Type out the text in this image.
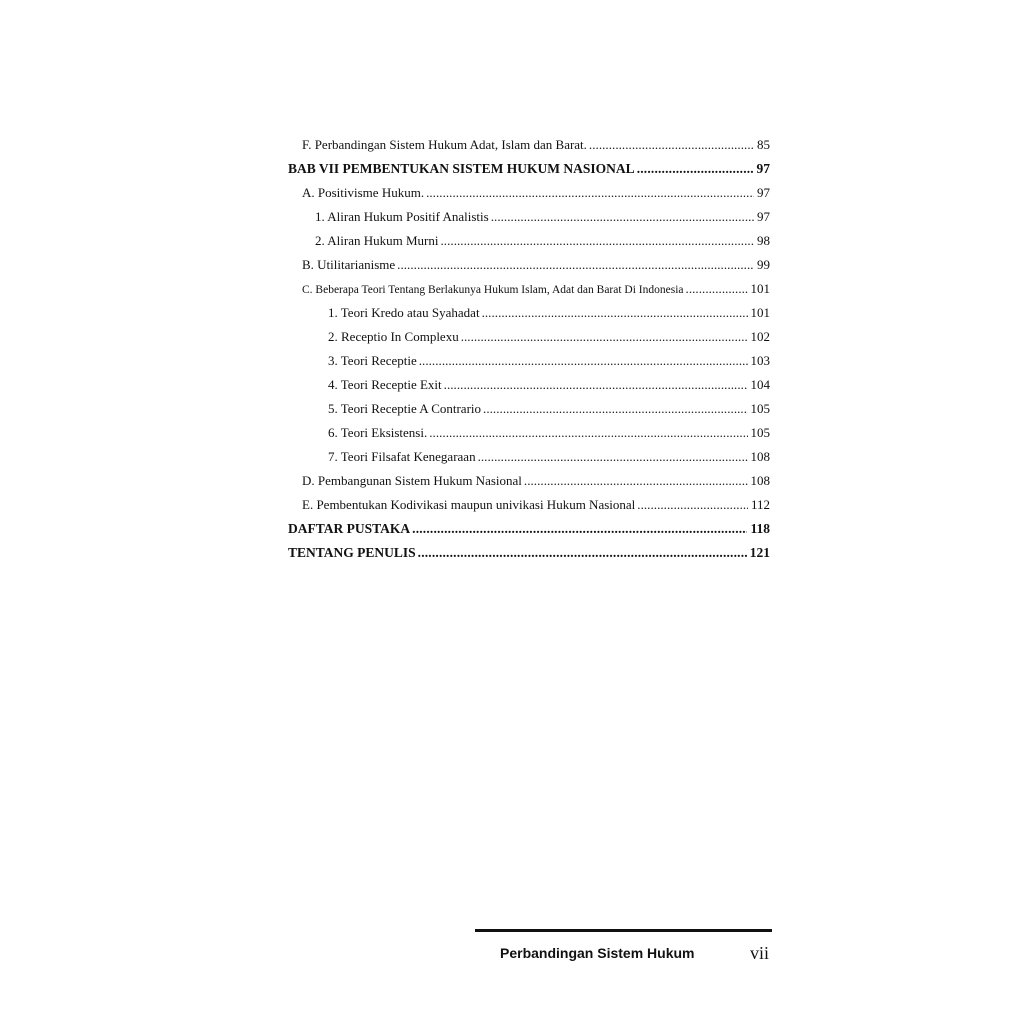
F. Perbandingan Sistem Hukum Adat, Islam dan Barat. . . .	85
BAB VII PEMBENTUKAN SISTEM HUKUM NASIONAL . . .	97
A. Positivisme Hukum. . . .	97
1. Aliran Hukum Positif Analistis . . .	97
2. Aliran Hukum Murni . . .	98
B. Utilitarianisme . . .	99
C. Beberapa Teori Tentang Berlakunya Hukum Islam, Adat dan Barat Di Indonesia . . .	101
1. Teori Kredo atau Syahadat . . .	101
2. Receptio In Complexu . . .	102
3. Teori Receptie . . .	103
4. Teori Receptie Exit . . .	104
5. Teori Receptie A Contrario . . .	105
6. Teori Eksistensi. . . .	105
7. Teori Filsafat Kenegaraan . . .	108
D. Pembangunan Sistem Hukum Nasional . . .	108
E. Pembentukan Kodivikasi maupun univikasi Hukum Nasional . . .	112
DAFTAR PUSTAKA . . .	118
TENTANG PENULIS . . .	121
Perbandingan Sistem Hukum	vii
